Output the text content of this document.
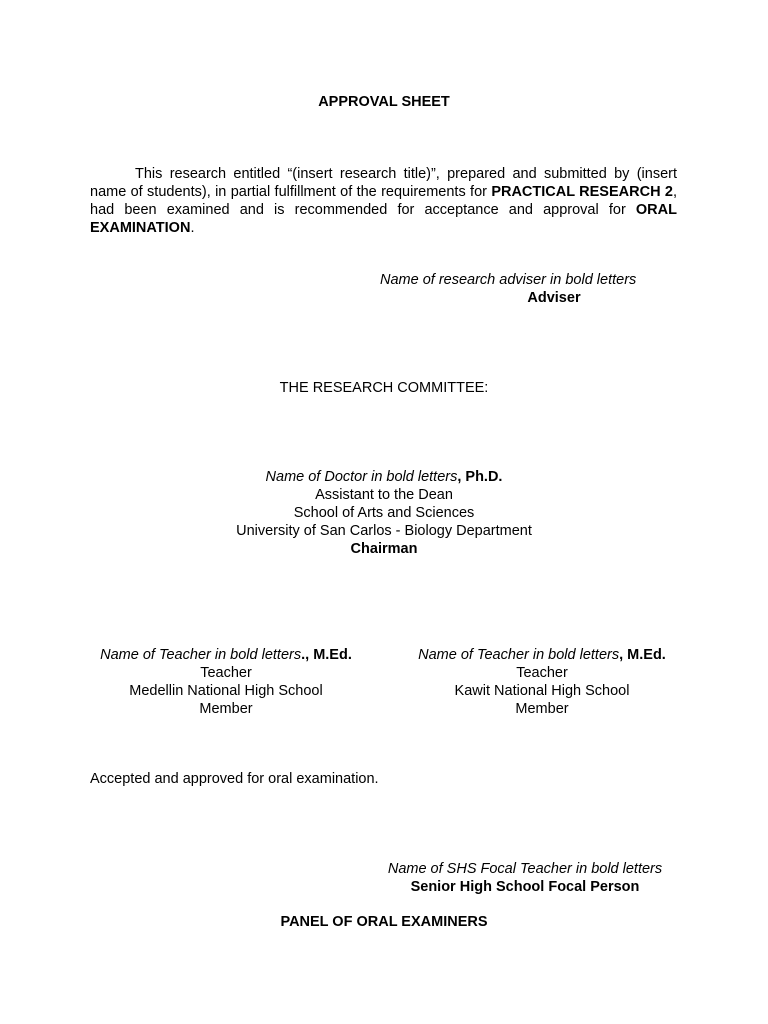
APPROVAL SHEET
This research entitled “(insert research title)”, prepared and submitted by (insert name of students), in partial fulfillment of the requirements for PRACTICAL RESEARCH 2, had been examined and is recommended for acceptance and approval for ORAL EXAMINATION.
Name of research adviser in bold letters
Adviser
THE RESEARCH COMMITTEE:
Name of Doctor in bold letters, Ph.D.
Assistant to the Dean
School of Arts and Sciences
University of San Carlos - Biology Department
Chairman
Name of Teacher in bold letters., M.Ed.
Teacher
Medellin National High School
Member
Name of Teacher in bold letters, M.Ed.
Teacher
Kawit National High School
Member
Accepted and approved for oral examination.
Name of SHS Focal Teacher in bold letters
Senior High School Focal Person
PANEL OF ORAL EXAMINERS
